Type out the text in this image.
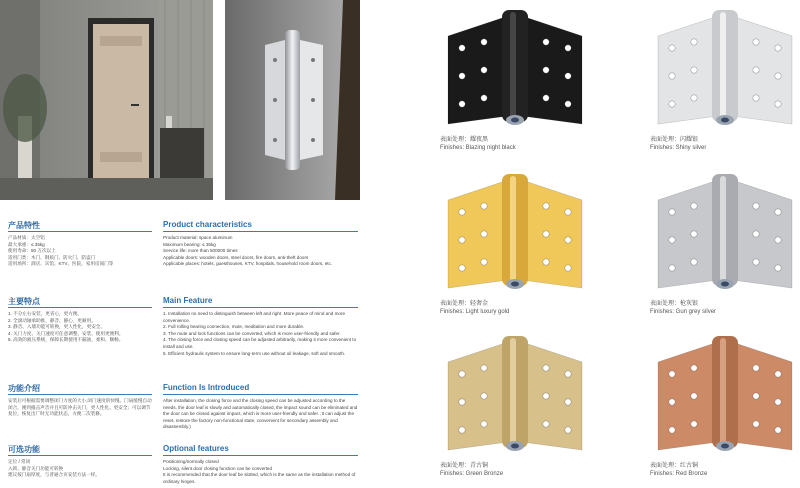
产品特性	Product characteristics
产品材质：太空铝
最大承重：≤ 35kg
使用寿命：50 万次以上
适用门类：木门、钢质门、防火门、防盗门
适用场所：酒店、宾馆、KTV、医院、家用房间门等
Product material: space aluminum
Maximum bearing: ≤ 35kg
Service life: more than 500000 times
Applicable doors: wooden doors, steel doors, fire doors, anti-theft doors
Applicable places: hotels, guesthouses, KTV, hospitals, household room doors, etc.
主要特点	Main Feature
1. 不分左右安装，更省心，更方便。
2. 全滚动轴承助推，静音、静心，更耐用。
3. 静音、入墙功能可转换，更人性化，更安全。
4. 关门力度、关门速度可任意调整，安装、使用更便利。
5. 高效的液压系统，保障长期使用不漏油，柔和、顺畅。
1. Installation no need to distinguish between left and right .More peace of mind and more convenience.
2. Full rolling bearing connection, mute, meditation and more durable.
3. The mute and lock functions can be converted, which is more user-friendly and safer.
4. The closing force and closing speed can be adjusted arbitrarily, making it more convenient to install and use.
5. Efficient hydraulic system to ensure long-term use without oil leakage, soft and smooth.
功能介绍	Function Is Introduced
安装后可根据需要调整闭门力度的大小,闭门速度的快慢。门扇缓慢自动闭合，刚到撞击声音并且可防冲击关门，更人性化、更安全；可以调节复位，恢复出厂时无功能状态，方便二次装修。
After installation, the closing force and the closing speed can be adjusted according to the needs, the door leaf is slowly and automatically closed, the impact sound can be eliminated and the door can be closed against impact, which is more user-friendly and safer. ;It can adjust the reset, restore the factory non-functional state, convenient for secondary assembly and disassembly.)
可选功能	Optional features
定位 / 常闭
入锁、静音关门功能可转换
建议按门扇厚度，与普通合页安装方法一样。
Positioning/normally closed
Locking, silent door closing function can be converted
It is recommended that the door leaf be slotted, which is the same as the installation method of ordinary hinges.
表面处理：耀夜黑
Finishes: Blazing night black
表面处理：闪耀银
Finishes: Shiny silver
表面处理：轻奢金
Finishes: Light luxury gold
表面处理：枪灰银
Finishes: Gun grey silver
表面处理：青古铜
Finishes: Green Bronze
表面处理：红古铜
Finishes: Red Bronze
